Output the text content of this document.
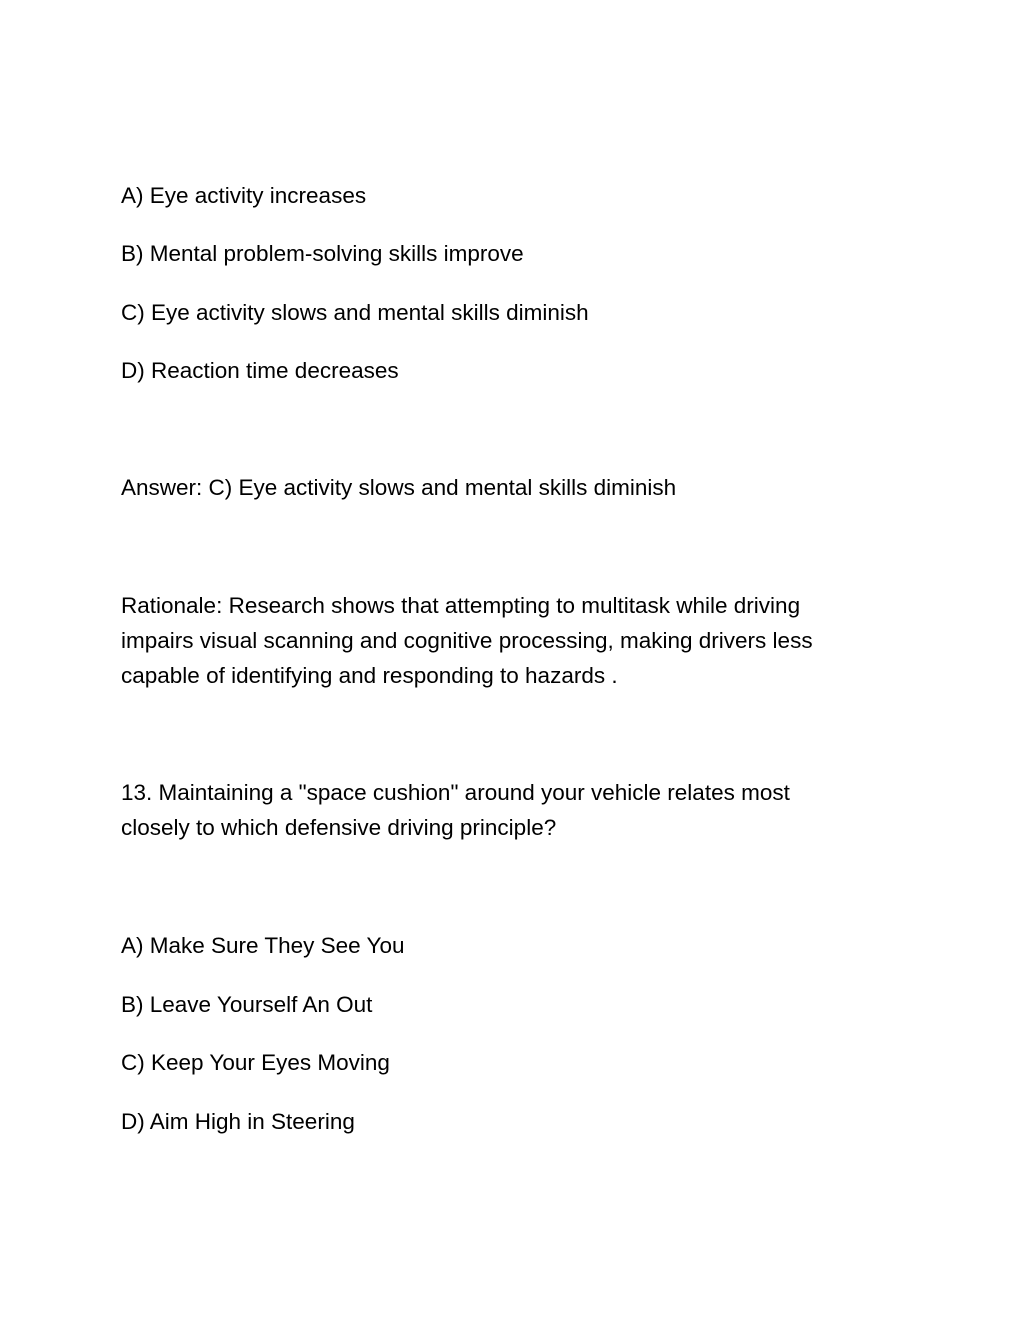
A) Eye activity increases
B) Mental problem-solving skills improve
C) Eye activity slows and mental skills diminish
D) Reaction time decreases
Answer: C) Eye activity slows and mental skills diminish
Rationale: Research shows that attempting to multitask while driving
impairs visual scanning and cognitive processing, making drivers less
capable of identifying and responding to hazards .
13. Maintaining a "space cushion" around your vehicle relates most
closely to which defensive driving principle?
A) Make Sure They See You
B) Leave Yourself An Out
C) Keep Your Eyes Moving
D) Aim High in Steering
